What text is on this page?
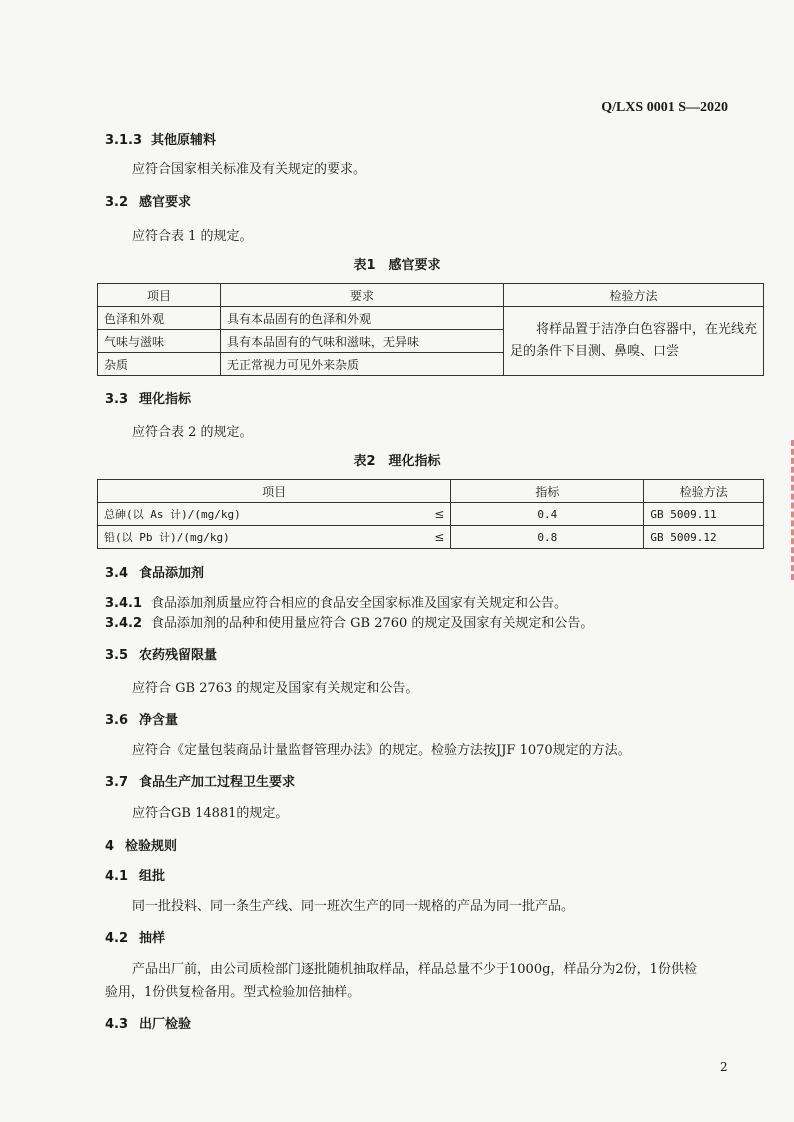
Q/LXS 0001 S—2020
3.1.3 其他原辅料
应符合国家相关标准及有关规定的要求。
3.2 感官要求
应符合表 1 的规定。
表1　感官要求
项目	要求	检验方法
色泽和外观	具有本品固有的色泽和外观	将样品置于洁净白色容器中，在光线充足的条件下目测、鼻嗅、口尝
气味与滋味	具有本品固有的气味和滋味，无异味	
杂质	无正常视力可见外来杂质	
3.3 理化指标
应符合表 2 的规定。
表2　理化指标
项目		指标	检验方法
总砷(以 As 计)/(mg/kg)	≤	0.4	GB 5009.11
铅(以 Pb 计)/(mg/kg)	≤	0.8	GB 5009.12
3.4 食品添加剂
3.4.1 食品添加剂质量应符合相应的食品安全国家标准及国家有关规定和公告。
3.4.2 食品添加剂的品种和使用量应符合 GB 2760 的规定及国家有关规定和公告。
3.5 农药残留限量
应符合 GB 2763 的规定及国家有关规定和公告。
3.6 净含量
应符合《定量包装商品计量监督管理办法》的规定。检验方法按JJF 1070规定的方法。
3.7 食品生产加工过程卫生要求
应符合GB 14881的规定。
4 检验规则
4.1 组批
同一批投料、同一条生产线、同一班次生产的同一规格的产品为同一批产品。
4.2 抽样
产品出厂前，由公司质检部门逐批随机抽取样品，样品总量不少于1000g，样品分为2份，1份供检
验用，1份供复检备用。型式检验加倍抽样。
4.3 出厂检验
2
